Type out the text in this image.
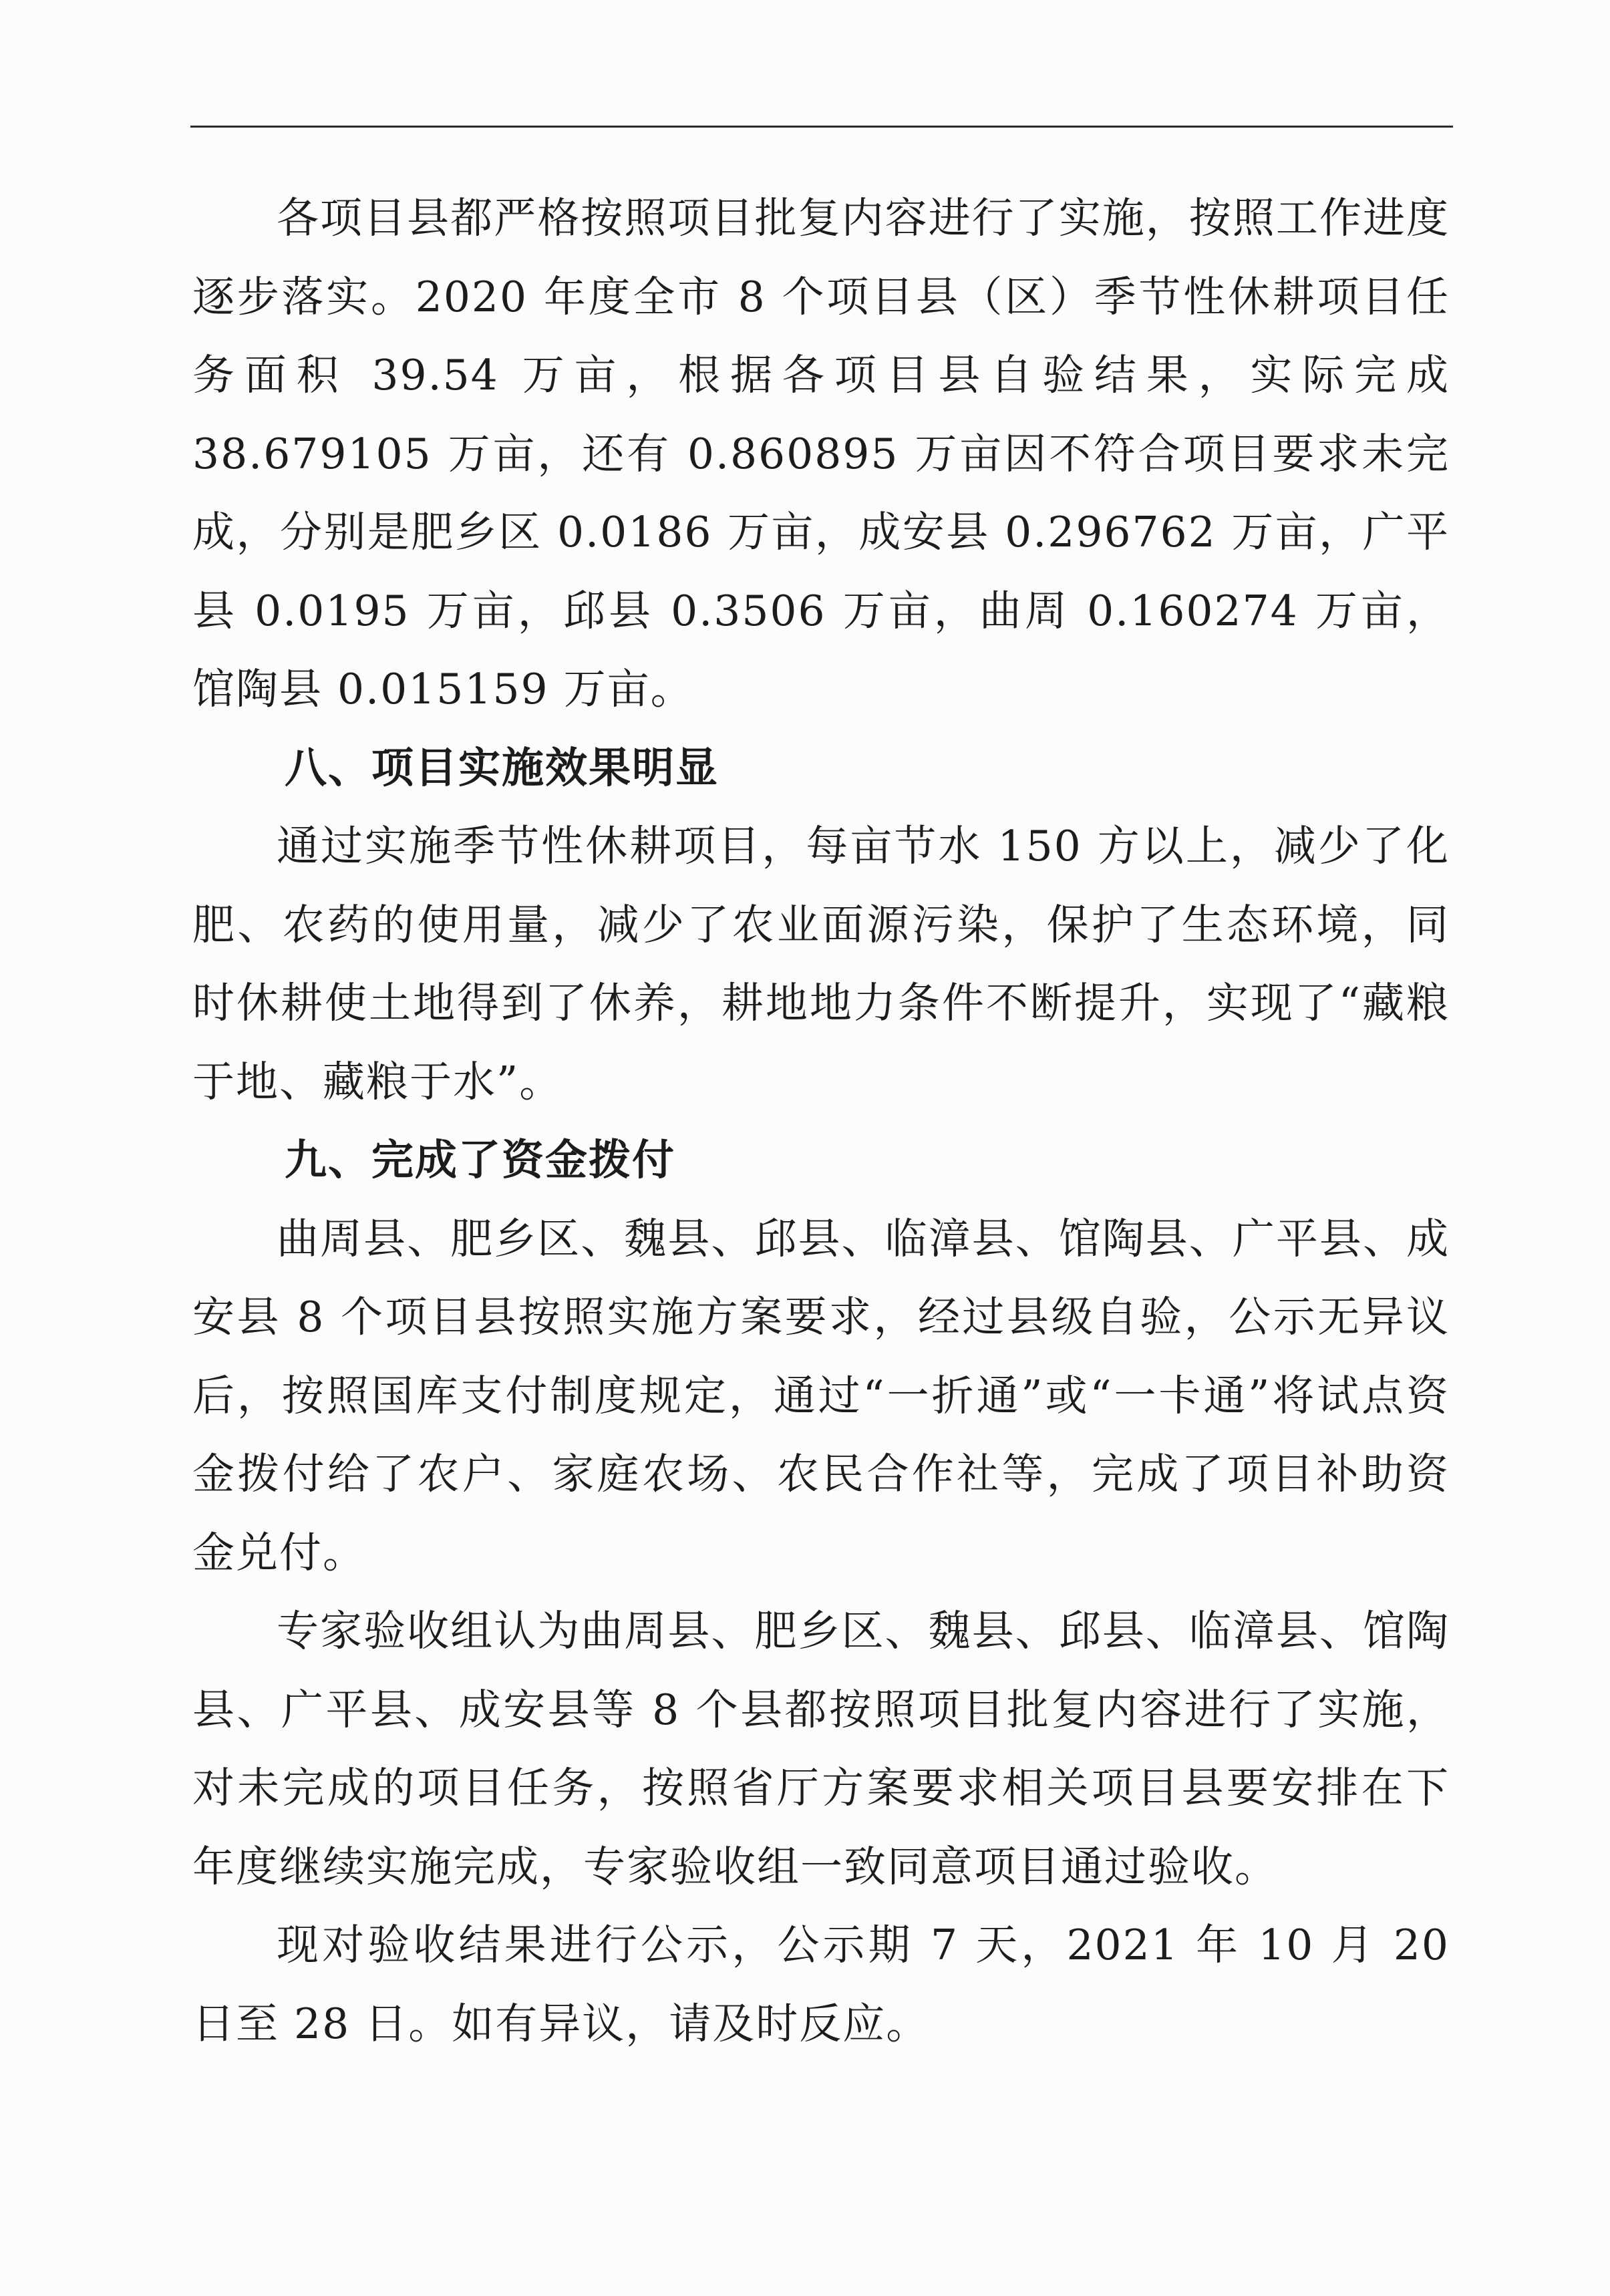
各项目县都严格按照项目批复内容进行了实施，按照工作进度逐步落实。2020 年度全市 8 个项目县（区）季节性休耕项目任务面积 39.54 万亩，根据各项目县自验结果，实际完成38.679105 万亩，还有 0.860895 万亩因不符合项目要求未完成，分别是肥乡区 0.0186 万亩，成安县 0.296762 万亩，广平县 0.0195 万亩，邱县 0.3506 万亩，曲周 0.160274 万亩，馆陶县 0.015159 万亩。

八、项目实施效果明显

通过实施季节性休耕项目，每亩节水 150 方以上，减少了化肥、农药的使用量，减少了农业面源污染，保护了生态环境，同时休耕使土地得到了休养，耕地地力条件不断提升，实现了“藏粮于地、藏粮于水”。

九、完成了资金拨付

曲周县、肥乡区、魏县、邱县、临漳县、馆陶县、广平县、成安县 8 个项目县按照实施方案要求，经过县级自验，公示无异议后，按照国库支付制度规定，通过“一折通”或“一卡通”将试点资金拨付给了农户、家庭农场、农民合作社等，完成了项目补助资金兑付。

专家验收组认为曲周县、肥乡区、魏县、邱县、临漳县、馆陶县、广平县、成安县等 8 个县都按照项目批复内容进行了实施，对未完成的项目任务，按照省厅方案要求相关项目县要安排在下年度继续实施完成，专家验收组一致同意项目通过验收。

现对验收结果进行公示，公示期 7 天，2021 年 10 月 20 日至 28 日。如有异议，请及时反应。
